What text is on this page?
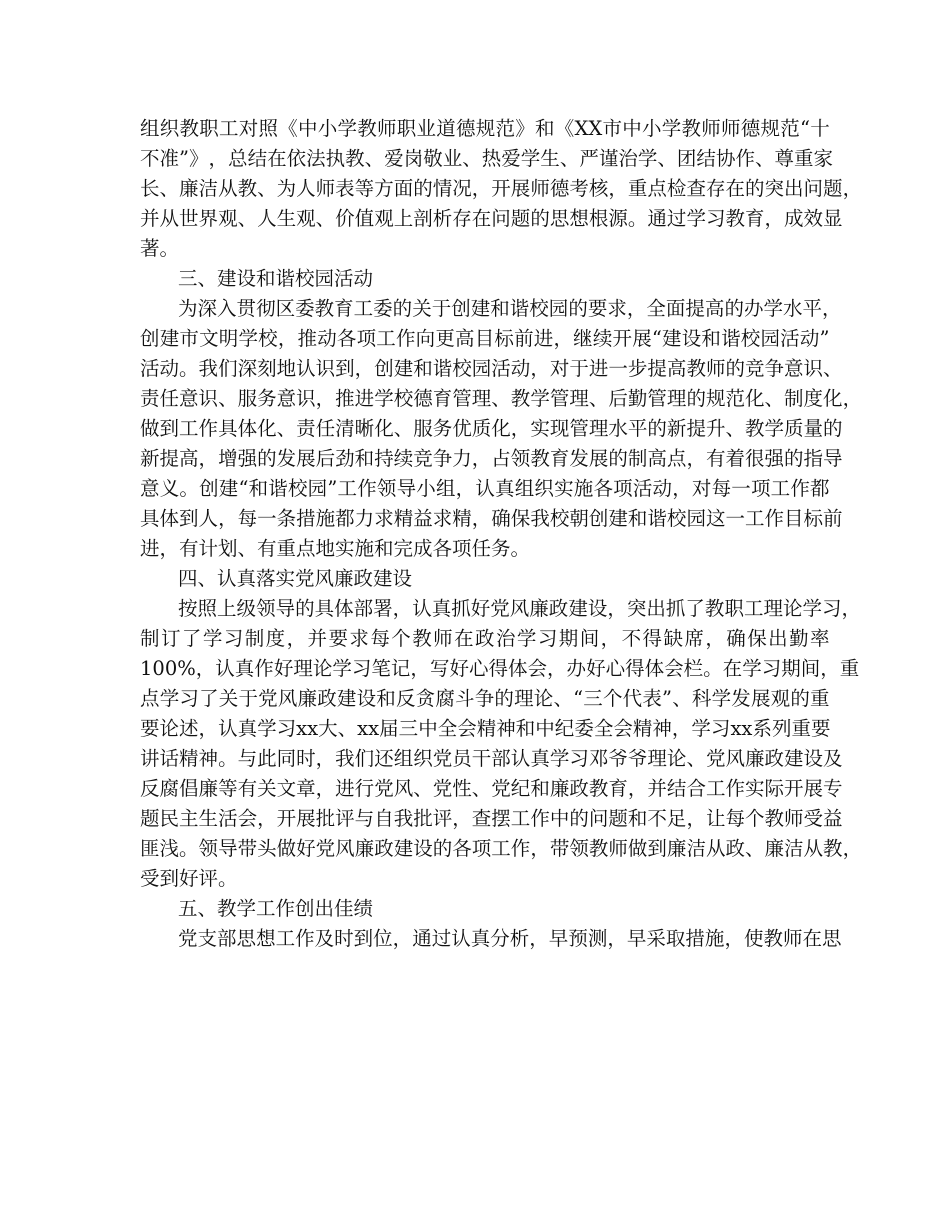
组 织 教 职 工 对 照 《 中 小 学 教 师 职 业 道 德 规 范 》 和 《 XX 市 中 小 学 教 师 师 德 规 范 “ 十
不 准 ” 》 ， 总 结 在 依 法 执 教 、 爱 岗 敬 业 、 热 爱 学 生 、 严 谨 治 学 、 团 结 协 作 、 尊 重 家
长 、 廉 洁 从 教 、 为 人 师 表 等 方 面 的 情 况 ， 开 展 师 德 考 核 ， 重 点 检 查 存 在 的 突 出 问 题 ，
并 从 世 界 观 、 人 生 观 、 价 值 观 上 剖 析 存 在 问 题 的 思 想 根 源 。 通 过 学 习 教 育 ， 成 效 显
著。
三、建设和谐校园活动
为 深 入 贯 彻 区 委 教 育 工 委 的 关 于 创 建 和 谐 校 园 的 要 求 ， 全 面 提 高 的 办 学 水 平 ，
创 建 市 文 明 学 校 ， 推 动 各 项 工 作 向 更 高 目 标 前 进 ， 继 续 开 展 “ 建 设 和 谐 校 园 活 动 ”
活 动 。 我 们 深 刻 地 认 识 到 ， 创 建 和 谐 校 园 活 动 ， 对 于 进 一 步 提 高 教 师 的 竞 争 意 识 、
责 任 意 识 、 服 务 意 识 ， 推 进 学 校 德 育 管 理 、 教 学 管 理 、 后 勤 管 理 的 规 范 化 、 制 度 化 ，
做 到 工 作 具 体 化 、 责 任 清 晰 化 、 服 务 优 质 化 ， 实 现 管 理 水 平 的 新 提 升 、 教 学 质 量 的
新 提 高 ， 增 强 的 发 展 后 劲 和 持 续 竞 争 力 ， 占 领 教 育 发 展 的 制 高 点 ， 有 着 很 强 的 指 导
意 义 。 创 建 “ 和 谐 校 园 ” 工 作 领 导 小 组 ， 认 真 组 织 实 施 各 项 活 动 ， 对 每 一 项 工 作 都
具 体 到 人 ， 每 一 条 措 施 都 力 求 精 益 求 精 ， 确 保 我 校 朝 创 建 和 谐 校 园 这 一 工 作 目 标 前
进，有计划、有重点地实施和完成各项任务。
四、认真落实党风廉政建设
按 照 上 级 领 导 的 具 体 部 署 ， 认 真 抓 好 党 风 廉 政 建 设 ， 突 出 抓 了 教 职 工 理 论 学 习 ，
制 订 了 学 习 制 度 ， 并 要 求 每 个 教 师 在 政 治 学 习 期 间 ， 不 得 缺 席 ， 确 保 出 勤 率
100% ， 认 真 作 好 理 论 学 习 笔 记 ， 写 好 心 得 体 会 ， 办 好 心 得 体 会 栏 。 在 学 习 期 间 ， 重
点 学 习 了 关 于 党 风 廉 政 建 设 和 反 贪 腐 斗 争 的 理 论 、 “ 三 个 代 表 ” 、 科 学 发 展 观 的 重
要 论 述 ， 认 真 学 习 xx 大 、 xx 届 三 中 全 会 精 神 和 中 纪 委 全 会 精 神 ， 学 习 xx 系 列 重 要
讲 话 精 神 。 与 此 同 时 ， 我 们 还 组 织 党 员 干 部 认 真 学 习 邓 爷 爷 理 论 、 党 风 廉 政 建 设 及
反 腐 倡 廉 等 有 关 文 章 ， 进 行 党 风 、 党 性 、 党 纪 和 廉 政 教 育 ， 并 结 合 工 作 实 际 开 展 专
题 民 主 生 活 会 ， 开 展 批 评 与 自 我 批 评 ， 查 摆 工 作 中 的 问 题 和 不 足 ， 让 每 个 教 师 受 益
匪 浅 。 领 导 带 头 做 好 党 风 廉 政 建 设 的 各 项 工 作 ， 带 领 教 师 做 到 廉 洁 从 政 、 廉 洁 从 教 ，
受到好评。
五、教学工作创出佳绩
党 支 部 思 想 工 作 及 时 到 位 ， 通 过 认 真 分 析 ， 早 预 测 ， 早 采 取 措 施 ， 使 教 师 在 思
